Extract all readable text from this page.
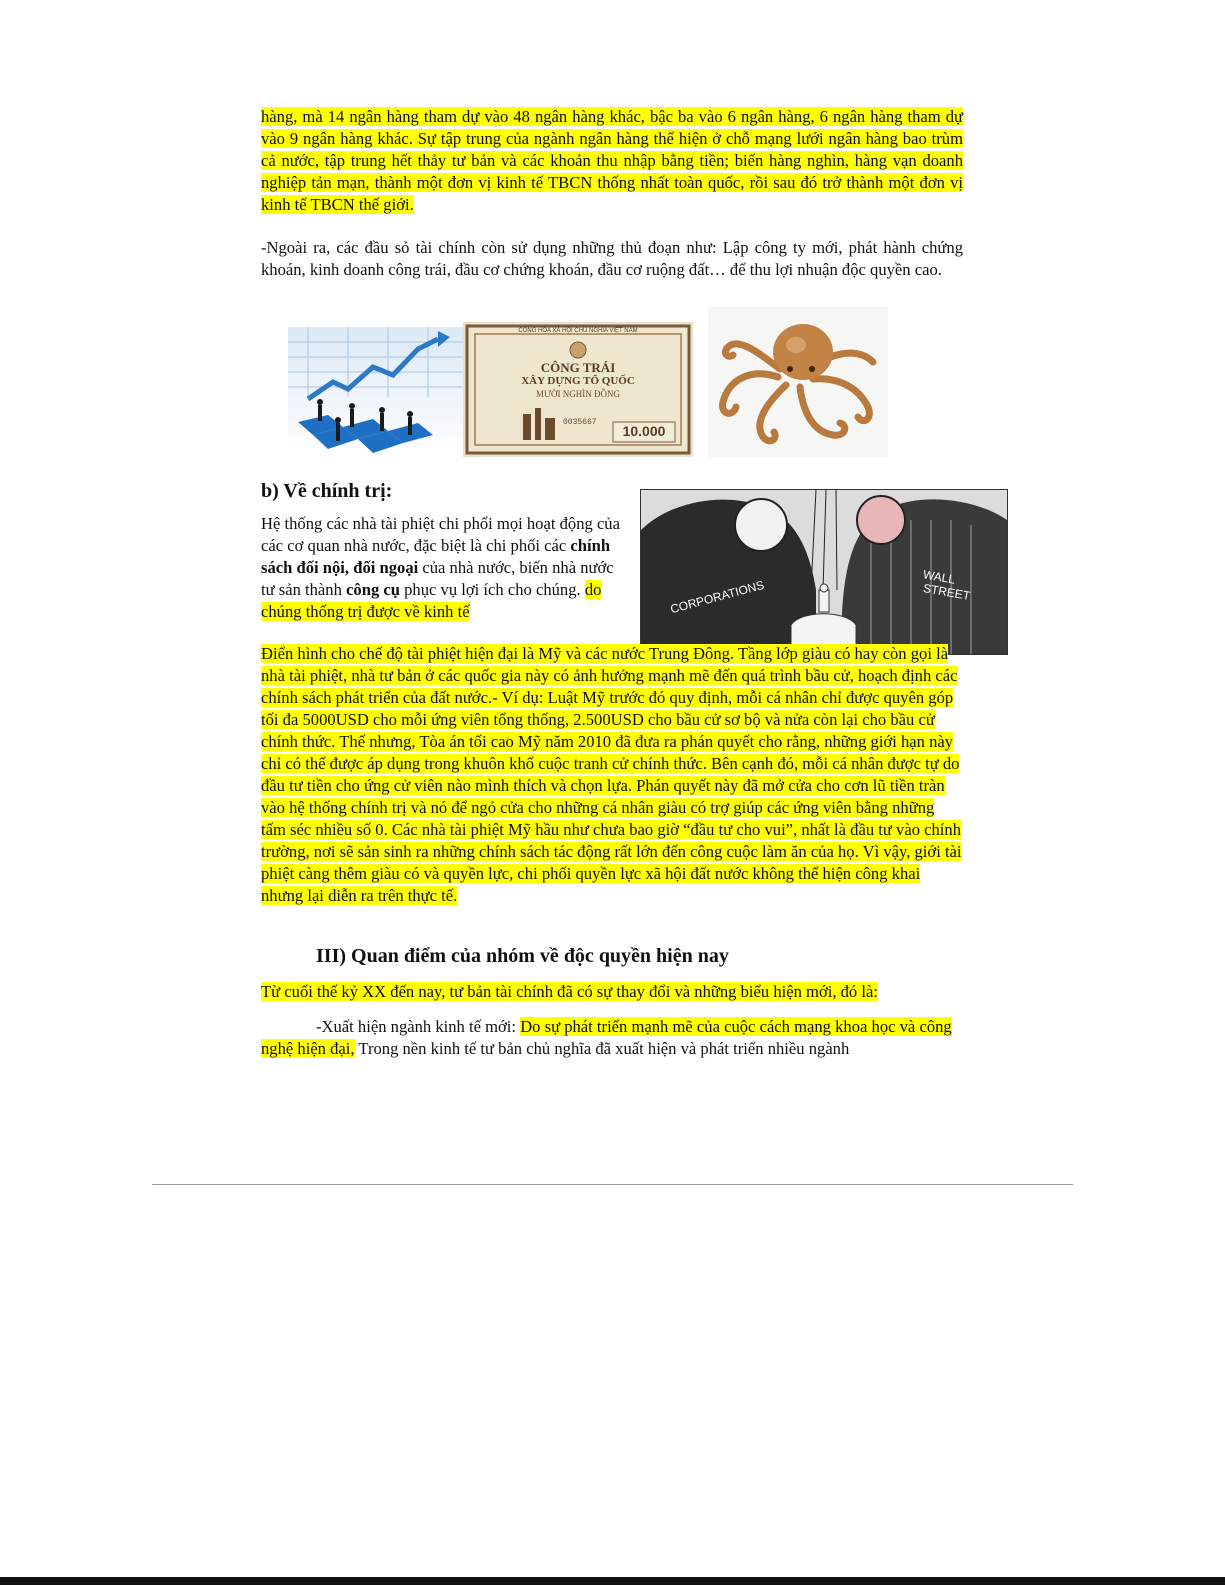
hàng, mà 14 ngân hàng tham dự vào 48 ngân hàng khác, bậc ba vào 6 ngân hàng, 6 ngân hàng tham dự vào 9 ngân hàng khác. Sự tập trung của ngành ngân hàng thể hiện ở chỗ mạng lưới ngân hàng bao trùm cả nước, tập trung hết thảy tư bản và các khoản thu nhập bằng tiền; biến hàng nghìn, hàng vạn doanh nghiệp tản mạn, thành một đơn vị kinh tế TBCN thống nhất toàn quốc, rồi sau đó trở thành một đơn vị kinh tế TBCN thế giới.

-Ngoài ra, các đầu sỏ tài chính còn sử dụng những thủ đoạn như: Lập công ty mới, phát hành chứng khoán, kinh doanh công trái, đầu cơ chứng khoán, đầu cơ ruộng đất… để thu lợi nhuận độc quyền cao.

CÔNG HÒA XÃ HỘI CHỦ NGHĨA VIỆT NAM
CÔNG TRÁI
XÂY DỰNG TỔ QUỐC
MƯỜI NGHÌN ĐỒNG
0035667
10.000
b) Về chính trị:
CORPORATIONS
WALL
STREET

Hệ thống các nhà tài phiệt chi phối mọi hoạt động của các cơ quan nhà nước, đặc biệt là chi phối các chính sách đối nội, đối ngoại của nhà nước, biến nhà nước tư sản thành công cụ phục vụ lợi ích cho chúng. do chúng thống trị được về kinh tế

Điển hình cho chế độ tài phiệt hiện đại là Mỹ và các nước Trung Đông. Tầng lớp giàu có hay còn gọi là nhà tài phiệt, nhà tư bản ở các quốc gia này có ảnh hưởng mạnh mẽ đến quá trình bầu cử, hoạch định các chính sách phát triển của đất nước.- Ví dụ: Luật Mỹ trước đó quy định, mỗi cá nhân chỉ được quyên góp tối đa 5000USD cho mỗi ứng viên tổng thống, 2.500USD cho bầu cử sơ bộ và nửa còn lại cho bầu cử chính thức. Thế nhưng, Tòa án tối cao Mỹ năm 2010 đã đưa ra phán quyết cho rằng, những giới hạn này chỉ có thể được áp dụng trong khuôn khổ cuộc tranh cử chính thức. Bên cạnh đó, mỗi cá nhân được tự do đầu tư tiền cho ứng cử viên nào mình thích và chọn lựa. Phán quyết này đã mở cửa cho cơn lũ tiền tràn vào hệ thống chính trị và nó để ngỏ cửa cho những cá nhân giàu có trợ giúp các ứng viên bằng những tấm séc nhiều số 0. Các nhà tài phiệt Mỹ hầu như chưa bao giờ “đầu tư cho vui”, nhất là đầu tư vào chính trường, nơi sẽ sản sinh ra những chính sách tác động rất lớn đến công cuộc làm ăn của họ. Vì vậy, giới tài phiệt càng thêm giàu có và quyền lực, chi phối quyền lực xã hội đất nước không thể hiện công khai nhưng lại diễn ra trên thực tế.

III) Quan điểm của nhóm về độc quyền hiện nay

Từ cuối thế kỷ XX đến nay, tư bản tài chính đã có sự thay đổi và những biểu hiện mới, đó là:

-Xuất hiện ngành kinh tế mới: Do sự phát triển mạnh mẽ của cuộc cách mạng khoa học và công nghệ hiện đại, Trong nền kinh tế tư bản chủ nghĩa đã xuất hiện và phát triển nhiều ngành
